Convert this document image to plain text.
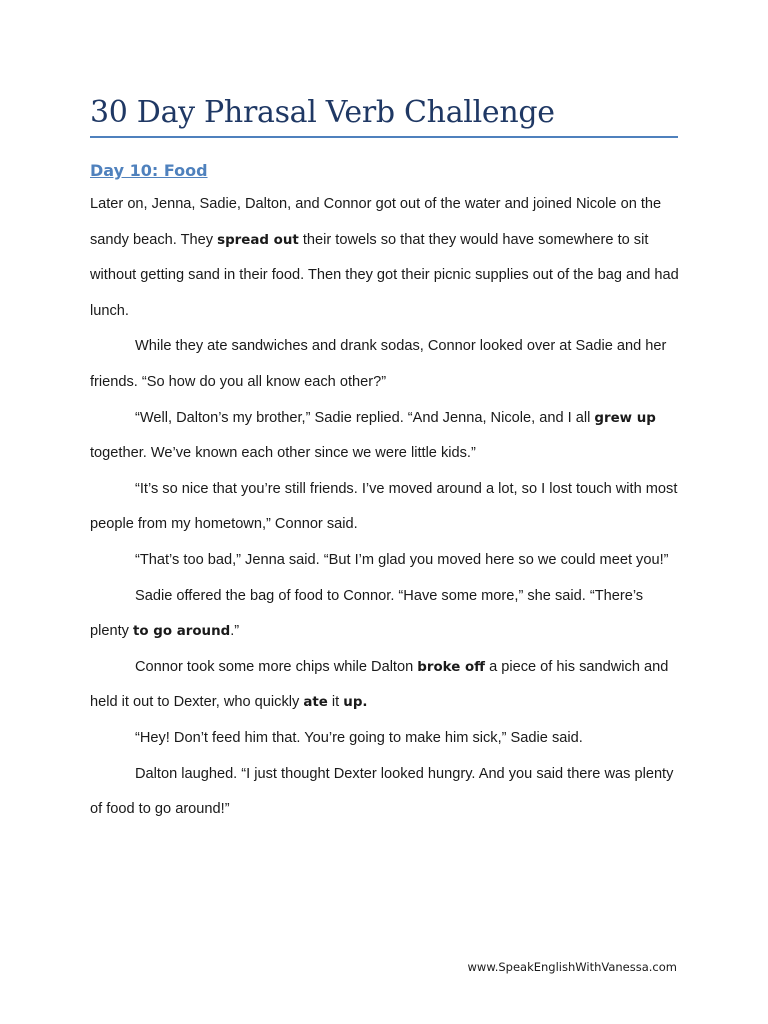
30 Day Phrasal Verb Challenge
Day 10: Food

Later on, Jenna, Sadie, Dalton, and Connor got out of the water and joined Nicole on the sandy beach. They spread out their towels so that they would have somewhere to sit without getting sand in their food. Then they got their picnic supplies out of the bag and had lunch.

While they ate sandwiches and drank sodas, Connor looked over at Sadie and her friends. “So how do you all know each other?”

“Well, Dalton’s my brother,” Sadie replied. “And Jenna, Nicole, and I all grew up together. We’ve known each other since we were little kids.”

“It’s so nice that you’re still friends. I’ve moved around a lot, so I lost touch with most people from my hometown,” Connor said.

“That’s too bad,” Jenna said. “But I’m glad you moved here so we could meet you!”

Sadie offered the bag of food to Connor. “Have some more,” she said. “There’s plenty to go around.”

Connor took some more chips while Dalton broke off a piece of his sandwich and held it out to Dexter, who quickly ate it up.

“Hey! Don’t feed him that. You’re going to make him sick,” Sadie said.

Dalton laughed. “I just thought Dexter looked hungry. And you said there was plenty of food to go around!”

www.SpeakEnglishWithVanessa.com
